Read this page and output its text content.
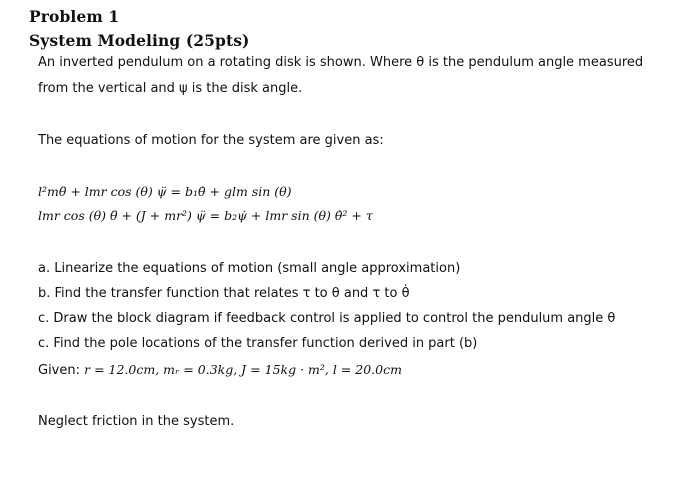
Problem 1
System Modeling (25pts)
An inverted pendulum on a rotating disk is shown. Where θ is the pendulum angle measured
from the vertical and ψ is the disk angle.
The equations of motion for the system are given as:
l²mθ̈ + lmr cos (θ) ψ̈ = b₁θ̇ + glm sin (θ)
lmr cos (θ) θ̈ + (J + mr²) ψ̈ = b₂ψ̇ + lmr sin (θ) θ̇² + τ
a. Linearize the equations of motion (small angle approximation)
b. Find the transfer function that relates τ to θ and τ to θ̇
c. Draw the block diagram if feedback control is applied to control the pendulum angle θ
c. Find the pole locations of the transfer function derived in part (b)
Given: r = 12.0cm, mᵣ = 0.3kg, J = 15kg · m², l = 20.0cm
Neglect friction in the system.
